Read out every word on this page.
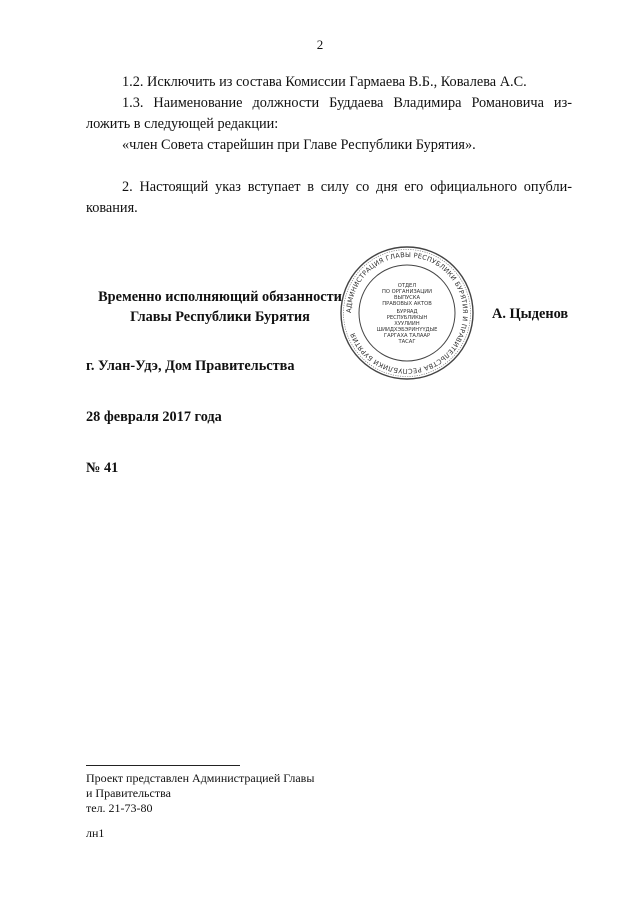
2

1.2. Исключить из состава Комиссии Гармаева В.Б., Ковалева А.С.

1.3. Наименование должности Буддаева Владимира Романовича из-

ложить в следующей редакции:

«член Совета старейшин при Главе Республики Бурятия».

2. Настоящий указ вступает в силу со дня его официального опубли-

кования.

Временно исполняющий обязанности
Главы Республики Бурятия	АДМИНИСТРАЦИЯ ГЛАВЫ РЕСПУБЛИКИ БУРЯТИЯ И ПРАВИТЕЛЬСТВА РЕСПУБЛИКИ БУРЯТИЯ
ОТДЕЛ
ПО ОРГАНИЗАЦИИ
ВЫПУСКА
ПРАВОВЫХ АКТОВ
БУРЯАД
РЕСПУБЛИКЫН
ХУУЛИИН
ШИИДХЭБЭРИНҮҮДЫЕ
ГАРГАХА ТАЛААР
ТАСАГ
А. Цыденов
г. Улан-Удэ, Дом Правительства
28 февраля 2017 года
№ 41
Проект представлен Администрацией Главы
и Правительства
тел. 21-73-80
лн1
